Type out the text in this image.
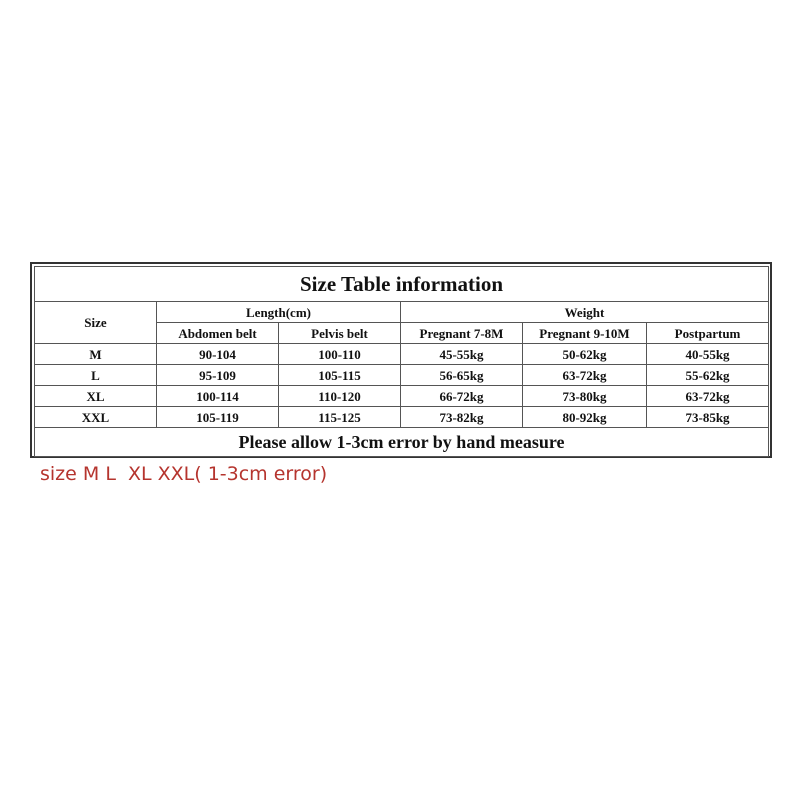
Size Table information					
Size	Length(cm)		Weight		
	Abdomen belt	Pelvis belt	Pregnant 7-8M	Pregnant 9-10M	Postpartum
M	90-104	100-110	45-55kg	50-62kg	40-55kg
L	95-109	105-115	56-65kg	63-72kg	55-62kg
XL	100-114	110-120	66-72kg	73-80kg	63-72kg
XXL	105-119	115-125	73-82kg	80-92kg	73-85kg
Please allow 1-3cm error by hand measure					
size M L  XL XXL( 1-3cm error)
